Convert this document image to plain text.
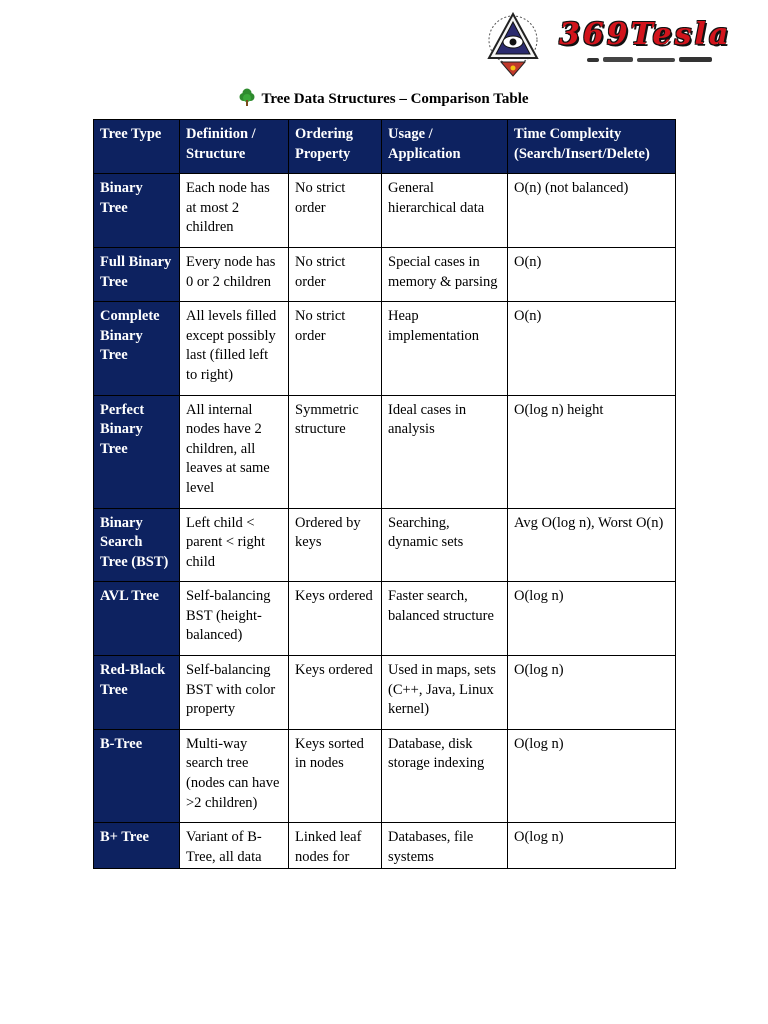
369Tesla
Tree Data Structures – Comparison Table
Tree Type	Definition / Structure	Ordering Property	Usage / Application	Time Complexity (Search/Insert/Delete)
Binary Tree	Each node has at most 2 children	No strict order	General hierarchical data	O(n) (not balanced)
Full Binary Tree	Every node has 0 or 2 children	No strict order	Special cases in memory & parsing	O(n)
Complete Binary Tree	All levels filled except possibly last (filled left to right)	No strict order	Heap implementation	O(n)
Perfect Binary Tree	All internal nodes have 2 children, all leaves at same level	Symmetric structure	Ideal cases in analysis	O(log n) height
Binary Search Tree (BST)	Left child < parent < right child	Ordered by keys	Searching, dynamic sets	Avg O(log n), Worst O(n)
AVL Tree	Self-balancing BST (height-balanced)	Keys ordered	Faster search, balanced structure	O(log n)
Red-Black Tree	Self-balancing BST with color property	Keys ordered	Used in maps, sets (C++, Java, Linux kernel)	O(log n)
B-Tree	Multi-way search tree (nodes can have >2 children)	Keys sorted in nodes	Database, disk storage indexing	O(log n)
B+ Tree	Variant of B-Tree, all data	Linked leaf nodes for	Databases, file systems	O(log n)
